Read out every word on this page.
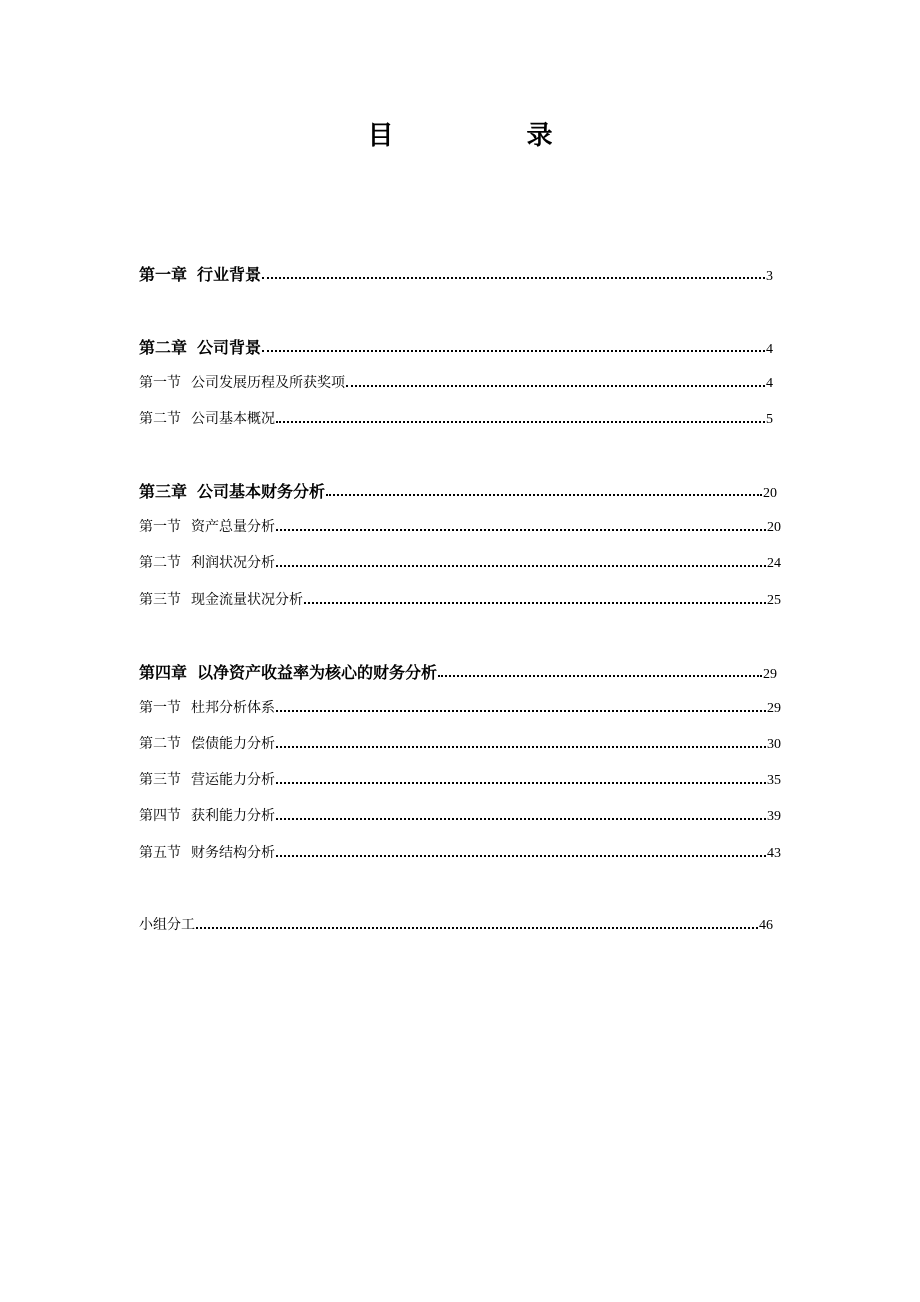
目 录
第一章 行业背景	3
第二章 公司背景	4
第一节 公司发展历程及所获奖项	4
第二节 公司基本概况	5
第三章 公司基本财务分析	20
第一节 资产总量分析	20
第二节 利润状况分析	24
第三节 现金流量状况分析	25
第四章 以净资产收益率为核心的财务分析	29
第一节 杜邦分析体系	29
第二节 偿债能力分析	30
第三节 营运能力分析	35
第四节 获利能力分析	39
第五节 财务结构分析	43
小组分工	46
